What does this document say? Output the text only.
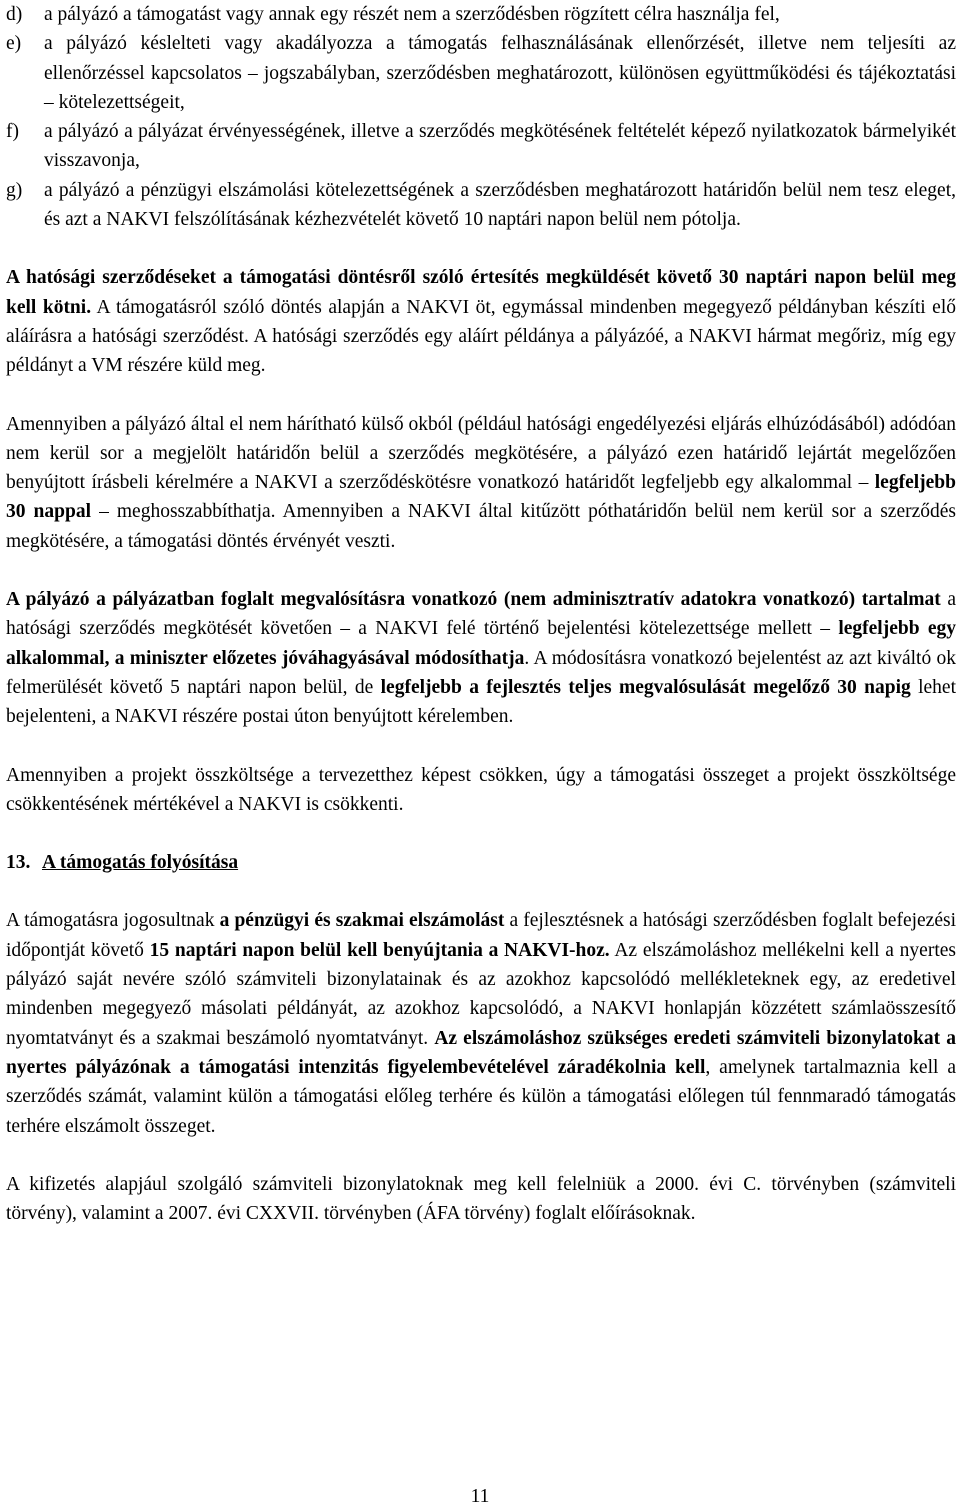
d) a pályázó a támogatást vagy annak egy részét nem a szerződésben rögzített célra használja fel,
e) a pályázó késlelteti vagy akadályozza a támogatás felhasználásának ellenőrzését, illetve nem teljesíti az ellenőrzéssel kapcsolatos – jogszabályban, szerződésben meghatározott, különösen együttműködési és tájékoztatási – kötelezettségeit,
f) a pályázó a pályázat érvényességének, illetve a szerződés megkötésének feltételét képező nyilatkozatok bármelyikét visszavonja,
g) a pályázó a pénzügyi elszámolási kötelezettségének a szerződésben meghatározott határidőn belül nem tesz eleget, és azt a NAKVI felszólításának kézhezvételét követő 10 naptári napon belül nem pótolja.

A hatósági szerződéseket a támogatási döntésről szóló értesítés megküldését követő 30 naptári napon belül meg kell kötni. A támogatásról szóló döntés alapján a NAKVI öt, egymással mindenben megegyező példányban készíti elő aláírásra a hatósági szerződést. A hatósági szerződés egy aláírt példánya a pályázóé, a NAKVI hármat megőriz, míg egy példányt a VM részére küld meg.

Amennyiben a pályázó által el nem hárítható külső okból (például hatósági engedélyezési eljárás elhúzódásából) adódóan nem kerül sor a megjelölt határidőn belül a szerződés megkötésére, a pályázó ezen határidő lejártát megelőzően benyújtott írásbeli kérelmére a NAKVI a szerződéskötésre vonatkozó határidőt legfeljebb egy alkalommal – legfeljebb 30 nappal – meghosszabbíthatja. Amennyiben a NAKVI által kitűzött póthatáridőn belül nem kerül sor a szerződés megkötésére, a támogatási döntés érvényét veszti.

A pályázó a pályázatban foglalt megvalósításra vonatkozó (nem adminisztratív adatokra vonatkozó) tartalmat a hatósági szerződés megkötését követően – a NAKVI felé történő bejelentési kötelezettsége mellett – legfeljebb egy alkalommal, a miniszter előzetes jóváhagyásával módosíthatja. A módosításra vonatkozó bejelentést az azt kiváltó ok felmerülését követő 5 naptári napon belül, de legfeljebb a fejlesztés teljes megvalósulását megelőző 30 napig lehet bejelenteni, a NAKVI részére postai úton benyújtott kérelemben.

Amennyiben a projekt összköltsége a tervezetthez képest csökken, úgy a támogatási összeget a projekt összköltsége csökkentésének mértékével a NAKVI is csökkenti.

13. A támogatás folyósítása

A támogatásra jogosultnak a pénzügyi és szakmai elszámolást a fejlesztésnek a hatósági szerződésben foglalt befejezési időpontját követő 15 naptári napon belül kell benyújtania a NAKVI-hoz. Az elszámoláshoz mellékelni kell a nyertes pályázó saját nevére szóló számviteli bizonylatainak és az azokhoz kapcsolódó mellékleteknek egy, az eredetivel mindenben megegyező másolati példányát, az azokhoz kapcsolódó, a NAKVI honlapján közzétett számlaösszesítő nyomtatványt és a szakmai beszámoló nyomtatványt. Az elszámoláshoz szükséges eredeti számviteli bizonylatokat a nyertes pályázónak a támogatási intenzitás figyelembevételével záradékolnia kell, amelynek tartalmaznia kell a szerződés számát, valamint külön a támogatási előleg terhére és külön a támogatási előlegen túl fennmaradó támogatás terhére elszámolt összeget.

A kifizetés alapjául szolgáló számviteli bizonylatoknak meg kell felelniük a 2000. évi C. törvényben (számviteli törvény), valamint a 2007. évi CXXVII. törvényben (ÁFA törvény) foglalt előírásoknak.

11
